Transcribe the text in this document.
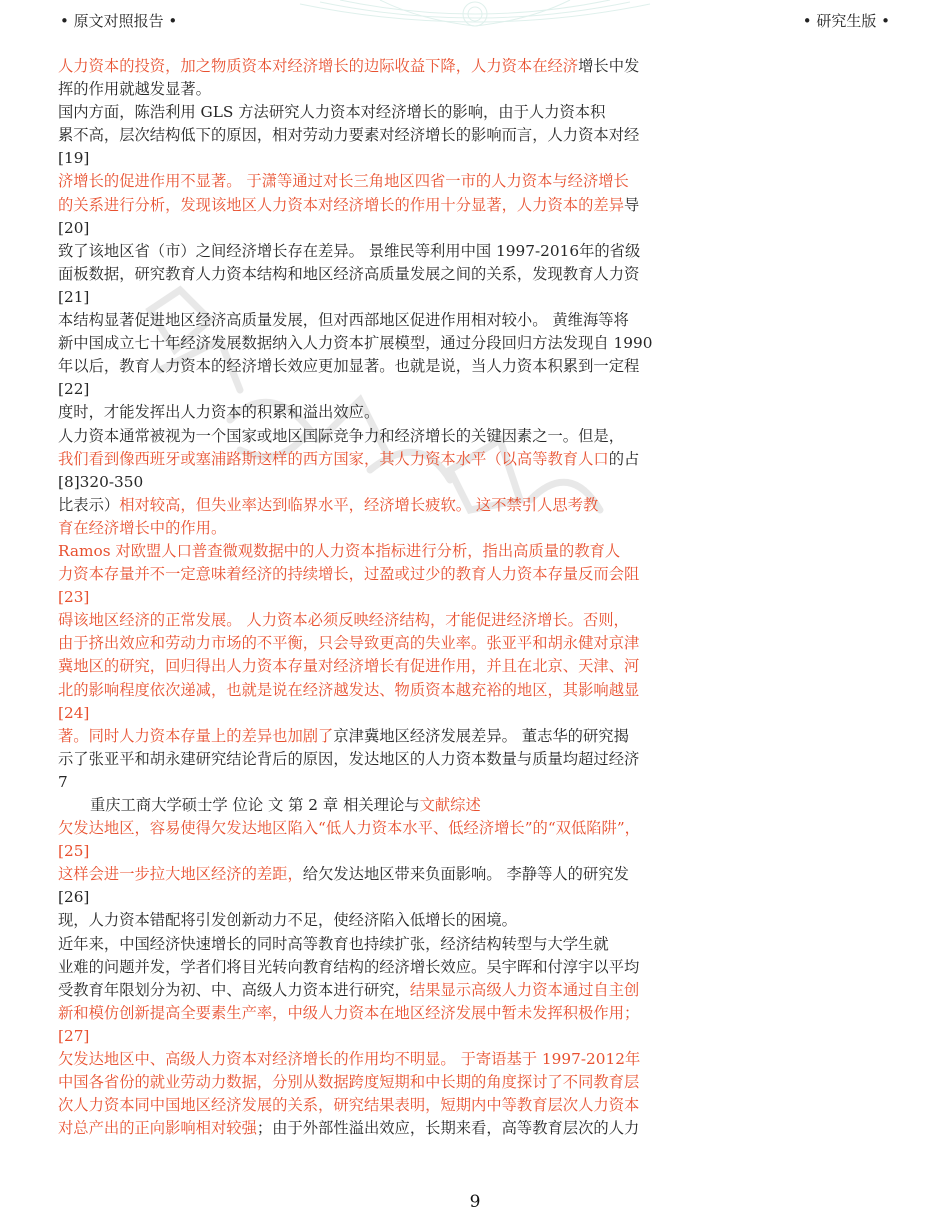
• 原文对照报告 •	• 研究生版 •
人力资本的投资，加之物质资本对经济增长的边际收益下降，人力资本在经济增长中发
挥的作用就越发显著。
国内方面，陈浩利用 GLS 方法研究人力资本对经济增长的影响，由于人力资本积
累不高，层次结构低下的原因，相对劳动力要素对经济增长的影响而言，人力资本对经
[19]
济增长的促进作用不显著。 于潇等通过对长三角地区四省一市的人力资本与经济增长
的关系进行分析，发现该地区人力资本对经济增长的作用十分显著，人力资本的差异导
[20]
致了该地区省（市）之间经济增长存在差异。 景维民等利用中国 1997-2016年的省级
面板数据，研究教育人力资本结构和地区经济高质量发展之间的关系，发现教育人力资
[21]
本结构显著促进地区经济高质量发展，但对西部地区促进作用相对较小。 黄维海等将
新中国成立七十年经济发展数据纳入人力资本扩展模型，通过分段回归方法发现自 1990
年以后，教育人力资本的经济增长效应更加显著。也就是说，当人力资本积累到一定程
[22]
度时，才能发挥出人力资本的积累和溢出效应。
人力资本通常被视为一个国家或地区国际竞争力和经济增长的关键因素之一。但是，
我们看到像西班牙或塞浦路斯这样的西方国家，其人力资本水平（以高等教育人口的占
[8]320-350
比表示）相对较高，但失业率达到临界水平，经济增长疲软。 这不禁引人思考教
育在经济增长中的作用。
Ramos 对欧盟人口普查微观数据中的人力资本指标进行分析，指出高质量的教育人
力资本存量并不一定意味着经济的持续增长，过盈或过少的教育人力资本存量反而会阻
[23]
碍该地区经济的正常发展。 人力资本必须反映经济结构，才能促进经济增长。否则，
由于挤出效应和劳动力市场的不平衡，只会导致更高的失业率。张亚平和胡永健对京津
冀地区的研究，回归得出人力资本存量对经济增长有促进作用，并且在北京、天津、河
北的影响程度依次递减，也就是说在经济越发达、物质资本越充裕的地区，其影响越显
[24]
著。同时人力资本存量上的差异也加剧了京津冀地区经济发展差异。 董志华的研究揭
示了张亚平和胡永建研究结论背后的原因，发达地区的人力资本数量与质量均超过经济
7
重庆工商大学硕士学 位论 文 第 2 章 相关理论与文献综述
欠发达地区，容易使得欠发达地区陷入“低人力资本水平、低经济增长”的“双低陷阱”，
[25]
这样会进一步拉大地区经济的差距，给欠发达地区带来负面影响。 李静等人的研究发
[26]
现，人力资本错配将引发创新动力不足，使经济陷入低增长的困境。
近年来，中国经济快速增长的同时高等教育也持续扩张，经济结构转型与大学生就
业难的问题并发，学者们将目光转向教育结构的经济增长效应。吴宇晖和付淳宇以平均
受教育年限划分为初、中、高级人力资本进行研究，结果显示高级人力资本通过自主创
新和模仿创新提高全要素生产率，中级人力资本在地区经济发展中暂未发挥积极作用；
[27]
欠发达地区中、高级人力资本对经济增长的作用均不明显。 于寄语基于 1997-2012年
中国各省份的就业劳动力数据，分别从数据跨度短期和中长期的角度探讨了不同教育层
次人力资本同中国地区经济发展的关系，研究结果表明，短期内中等教育层次人力资本
对总产出的正向影响相对较强；由于外部性溢出效应，长期来看，高等教育层次的人力
9
